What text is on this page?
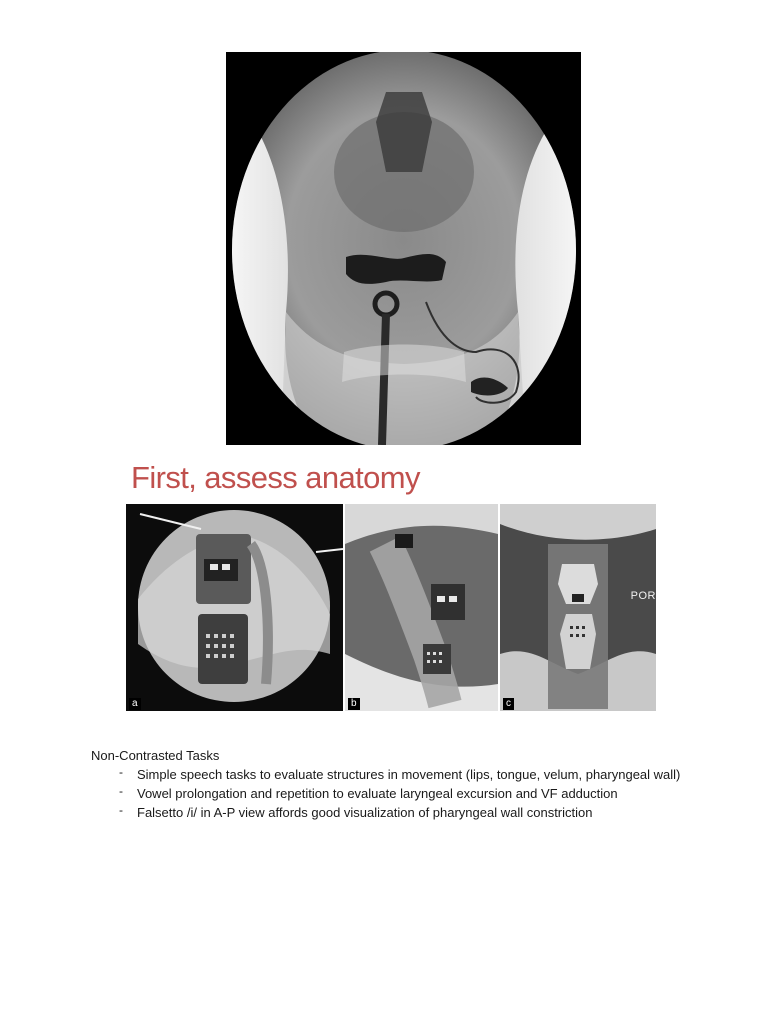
First, assess anatomy
a	b
POR
c

Non-Contrasted Tasks

- Simple speech tasks to evaluate structures in movement (lips, tongue, velum, pharyngeal wall)
- Vowel prolongation and repetition to evaluate laryngeal excursion and VF adduction
- Falsetto /i/ in A-P view affords good visualization of pharyngeal wall constriction
